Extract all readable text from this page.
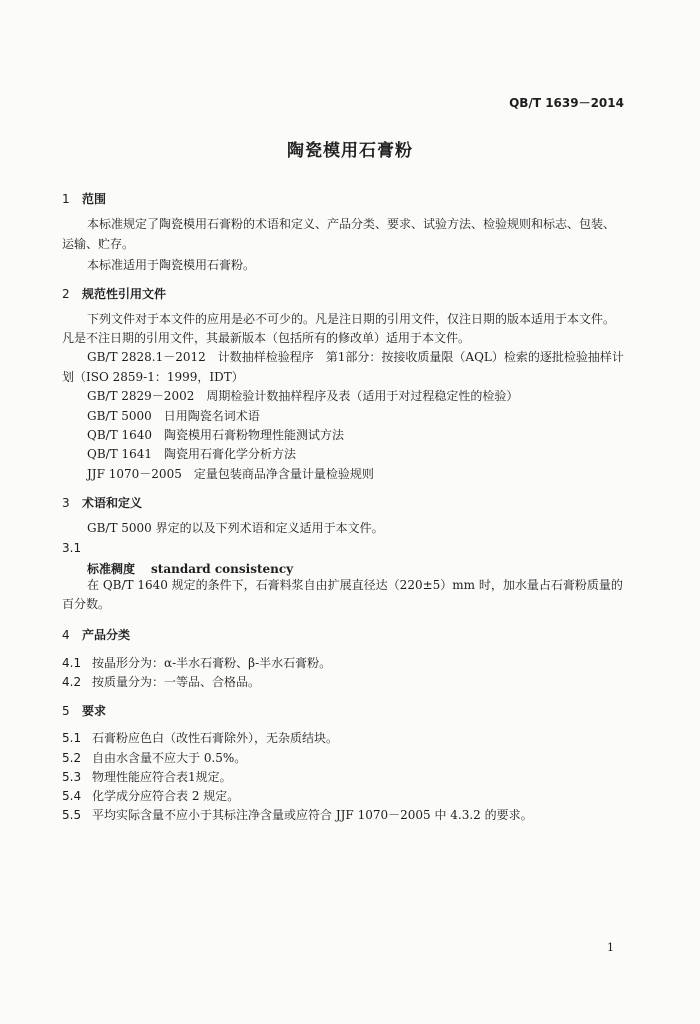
QB/T 1639－2014
陶瓷模用石膏粉
1 范围
本标准规定了陶瓷模用石膏粉的术语和定义、产品分类、要求、试验方法、检验规则和标志、包装、
运输、贮存。
本标准适用于陶瓷模用石膏粉。
2 规范性引用文件
下列文件对于本文件的应用是必不可少的。凡是注日期的引用文件，仅注日期的版本适用于本文件。
凡是不注日期的引用文件，其最新版本（包括所有的修改单）适用于本文件。
GB/T 2828.1－2012　计数抽样检验程序　第1部分：按接收质量限（AQL）检索的逐批检验抽样计
划（ISO 2859-1：1999，IDT）
GB/T 2829－2002　周期检验计数抽样程序及表（适用于对过程稳定性的检验）
GB/T 5000　日用陶瓷名词术语
QB/T 1640　陶瓷模用石膏粉物理性能测试方法
QB/T 1641　陶瓷用石膏化学分析方法
JJF 1070－2005　定量包装商品净含量计量检验规则
3 术语和定义
GB/T 5000 界定的以及下列术语和定义适用于本文件。
3.1
标准稠度 standard consistency
在 QB/T 1640 规定的条件下，石膏料浆自由扩展直径达（220±5）mm 时，加水量占石膏粉质量的
百分数。
4 产品分类
4.1 按晶形分为：α-半水石膏粉、β-半水石膏粉。
4.2 按质量分为：一等品、合格品。
5 要求
5.1 石膏粉应色白（改性石膏除外），无杂质结块。
5.2 自由水含量不应大于 0.5%。
5.3 物理性能应符合表1规定。
5.4 化学成分应符合表 2 规定。
5.5 平均实际含量不应小于其标注净含量或应符合 JJF 1070－2005 中 4.3.2 的要求。
1
